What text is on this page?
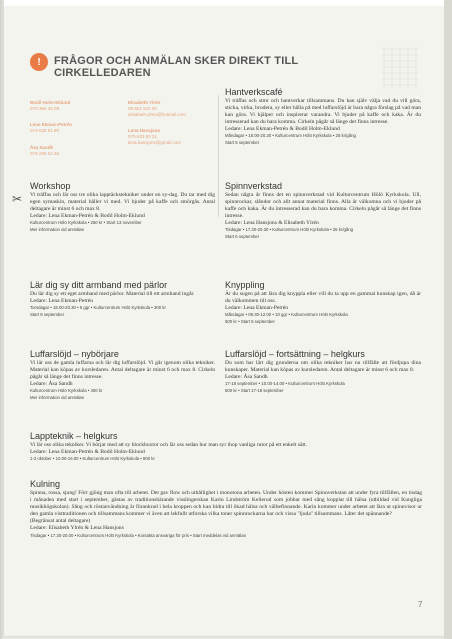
!	FRÅGOR OCH ANMÄLAN SKER DIREKT TILL CIRKELLEDAREN
Bodil Holm-Eklund
070-366 45 09
Lena Ekman-Petrén
073-628 51 80
Åsa Sandh
073-236 54 36
Elisabeth Ylrén
08-551 511 06
elisabeth.ylren@hotmail.com
Lena Hansjons
070-533 83 21
lena.hansjons@gmail.com
Hantverkscafé
Vi träffas och stmr och hantverkar tillsammans. Du kan själv välja vad du vill göra, sticka, virka, brodera, sy eller hålla på med luffarslöjd är bara några förslag på vad man kan göra. Vi hjälper och inspirerar varandra. Vi bjuder på kaffe och kaka. Är du intresserad kan du bara komma. Cirkeln pågår så länge det finns intresse.
Ledare: Lena Ekman-Petrén & Bodil Holm-Eklund
Måndagar • 18.00-20.30 • Kulturcentrum Hölö Kyrkskola • 25 kr/gång
Start 5 september
✂
Workshop
Vi träffas och lär oss tre olika lapptäckstekniker under en sy-dag. Du tar med dig egen symaskin, material håller vi med. Vi bjuder på kaffe och smörgås. Antal deltagare är minst 6 och max 8.
Ledare: Lena Ekman-Petrén & Bodil Holm-Eklund
Kulturcentrum Hölö Kyrkskola • 250 kr • Start 13 november
Mer information vid anmälan
Spinnverkstad
Sedan några år finns det en spinnverkstad vid Kulturcentrum Hölö Kyrkskola. Ull, spinnrockar, slåndor och allt annat material finns. Alla är välkomna och vi bjuder på kaffe och kaka. Är du intresserad kan du bara komma. Cirkeln pågår så länge det finns intresse.
Ledare: Lena Hansjons & Elisabeth Ylrén
Tisdagar • 17.30-20.30 • Kulturcentrum Hölö Kyrkskola • 25 kr/gång
Start 6 september
Lär dig sy ditt armband med pärlor
Du lär dig sy ett eget armband med pärlor. Material till ett armband ingår.
Ledare: Lena Ekman-Petrén
Torsdagar • 18.00-20.30 • 5 ggr • Kulturcentrum Hölö Kyrkskola • 300 kr
Start 8 september
Knyppling
Är du sugen på att lära dig knyppla eller vill du ta upp en gammal kunskap igen, då är du välkommen till oss.
Ledare: Lena Ekman-Petrén
Måndagar • 09.30-12.00 • 10 ggr • Kulturcentrum Hölö Kyrkskola
500 kr • Start 5 september
Luffarslöjd – nybörjare
Vi lär oss de gamla luffarna och lär dig luffarslöjd. Vi går igenom olika tekniker. Material kan köpas av kursledaren. Antal deltagare är minst 6 och max 8. Cirkeln pågår så länge det finns intresse.
Ledare: Åsa Sandh
Kulturcentrum Hölö Kyrkskola • 400 kr
Mer information vid anmälan
Luffarslöjd – fortsättning – helgkurs
Du som har lärt dig grunderna om olika tekniker har nu tillfälle att fördjupa dina kunskaper. Material kan köpas av kursledaren. Antal deltagare är minst 6 och max 8.
Ledare: Åsa Sandh
17-18 september • 10.00-14.00 • Kulturcentrum Hölö Kyrkskola
500 kr • Start 17-18 september
Lappteknik – helgkurs
Vi lär oss olika tekniker. Vi börjar med att sy blockbuxtor och lär oss sedan hur man syr ihop vanliga rutor på ett enkelt sätt.
Ledare: Lena Ekman-Petrén & Bodil Holm-Eklund
1-2 oktober • 10.00-16.00 • Kulturcentrum Hölö Kyrkskola • 800 kr
Kulning
Spinna, rossa, sjung! Förr gjöng man ofta till arbetet. Det gav flow och uthållighet i monotona arbeten. Under hösten kommer Spinnverkstan att under fyra tillfällen, en tisdag i månaden med start i september, gästas av traditionsbärande visslingerskan Karin Lindström Kellerud som jobbar med sång kopplat till hälsa (utbildad vid Kungliga musikhögskolan). Sång och röstanvändning är förankrad i hela kroppen och kan bidra till ökad hälsa och välbefinnande. Karin kommer under arbetet att lära ut spinnvisor ur den gamla visttraditionen och tillsammans kommer vi även att lekfullt utforska vilka toner spinnrockarna har och vissa "ljuda" tillsammans. Låter det spännande?
(Begränsat antal deltagare)
Ledare: Elisabeth Ylrén & Lena Hansjons
Tisdagar • 17.30-20.00 • Kulturcentrum Hölö Kyrkskola • Kontakta ansvariga för pris • Start meddelas vid anmälan
7
